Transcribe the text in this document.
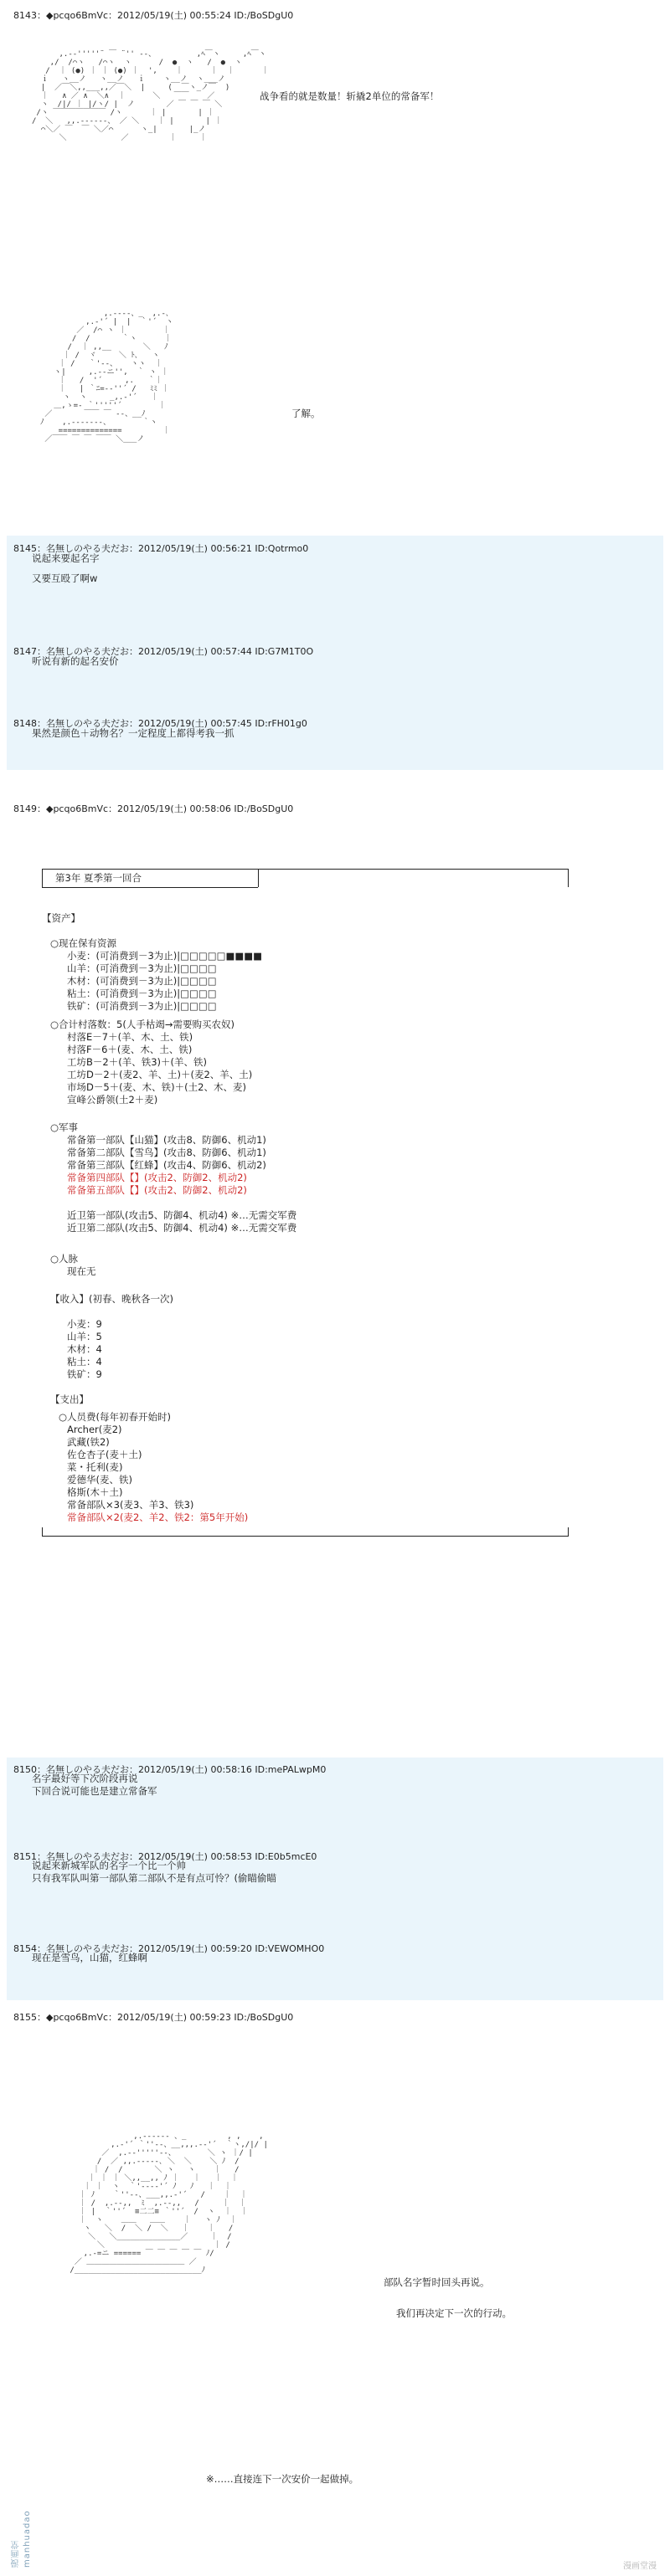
8143：◆pcqo6BmVc：2012/05/19(土) 00:55:24 ID:/BoSDgU0
,.-‐'''''¨ ￣ ¨'' ‐-、         ,ﾍ￣ヽ     ,ﾍ￣ヽ
,/  /⌒ヽ   /⌒ヽ  ヽ      /  ●  ヽ   /  ●  ヽ
/  ｜ (●) ｜ ｜ (●) ｜  ',    ｜      ｜  ｜      ｜
ｉ   ヽ__ノ   ヽ__ノ   ｉ    ヽ__ノ  ヽ___ノ
|  ／￣＼,,___,,／￣＼  |     (  ￣ヽ_ノ￣  )
｜   ∧ ／ ∧  ＼∧  ｜      ＼   ￣￣    ／
ヽ  /|/ ｜ |/ヽ/ |  ノ       ／ ￣ ￣ ￣ ＼
/ヽ ￣￣￣￣￣￣￣ /ヽ      ｜ |       | ｜
/  ＼   ,,.--‐‐--、 ／ ＼    ｜ |       | ｜
⌒＼／ ￣  ￣ ＼／⌒      ヽ_|       |_ノ
＼            ／         ｜     ｜
战争看的就是数量！斩撬2单位的常备军！
,.-‐‐-、_  ,.-､
,.-'´ |  |  ｀'´  ヽ
／  /⌒ ヽ ｜        ｜
/  /       ｀ヽ      ｜
/  ｜ ,,__       ＼   ﾉ
｜ /  ヾ     ＼ ﾄ､   ヽ
｜ /   ｀'‐-、   ヽヽ  ｜
ヽ|     ,.-‐ニ'',  ｀ ヽ ｜
｜   /  '´     ,.   ｀｜
｜   | ｀ﾆ=-‐''´ /   ﾐﾐ ｜
ヽ  ヽ     _,.-'´   ｜
＿,ゝ=- ｀'''''´        ｜
／       ￣￣ ￣ ‐-、__ﾉ
ﾉ    ,.-‐‐‐‐‐-、       ｀ヽ
==============         ｜
／￣￣ ￣ ￣ ￣￣ ＼___ノ
了解。
8145：名無しのやる夫だお：2012/05/19(土) 00:56:21 ID:Qotrmo0
说起来要起名字
又要互殴了啊w
8147：名無しのやる夫だお：2012/05/19(土) 00:57:44 ID:G7M1T0O
听说有新的起名安价
8148：名無しのやる夫だお：2012/05/19(土) 00:57:45 ID:rFH01g0
果然是颜色＋动物名？一定程度上都得考我一抓
8149：◆pcqo6BmVc：2012/05/19(土) 00:58:06 ID:/BoSDgU0
第3年 夏季第一回合
【资产】
○现在保有资源
小麦：(可消费到－3为止)|□□□□□■■■■
山羊：(可消费到－3为止)|□□□□
木材：(可消费到－3为止)|□□□□
粘土：(可消费到－3为止)|□□□□
铁矿：(可消费到－3为止)|□□□□
○合计村落数：5(人手枯竭→需要购买农奴)
村落E－7＋(羊、木、土、铁)
村落F－6＋(麦、木、土、铁)
工坊B－2＋(羊、铁3)＋(羊、铁)
工坊D－2＋(麦2、羊、土)＋(麦2、羊、土)
市场D－5＋(麦、木、铁)＋(土2、木、麦)
宣峰公爵领(土2＋麦)
○军事
常备第一部队【山猫】(攻击8、防御6、机动1)
常备第二部队【雪鸟】(攻击8、防御6、机动1)
常备第三部队【红蜂】(攻击4、防御6、机动2)
常备第四部队【】(攻击2、防御2、机动2)
常备第五部队【】(攻击2、防御2、机动2)
近卫第一部队(攻击5、防御4、机动4) ※…无需交军费
近卫第二部队(攻击5、防御4、机动4) ※…无需交军费
○人脉
现在无
【收入】(初春、晚秋各一次)
小麦：9
山羊：5
木材：4
粘土：4
铁矿：9
【支出】
○人员费(每年初春开始时)
Archer(麦2)
武藏(铁2)
佐仓杏子(麦＋土)
菜・托利(麦)
爱德华(麦、铁)
格斯(木＋土)
常备部队×3(麦3、羊3、铁3)
常备部队×2(麦2、羊2、铁2：第5年开始)
8150：名無しのやる夫だお：2012/05/19(土) 00:58:16 ID:mePALwpM0
名字最好等下次阶段再说
下回合说可能也是建立常备军
8151：名無しのやる夫だお：2012/05/19(土) 00:58:53 ID:E0b5mcE0
说起来新城军队的名字一个比一个帅
只有我军队叫第一部队第二部队不是有点可怜？(偷瞄偷瞄
8154：名無しのやる夫だお：2012/05/19(土) 00:59:20 ID:VEWOMHO0
现在是雪鸟，山猫，红蜂啊
8155：◆pcqo6BmVc：2012/05/19(土) 00:59:23 ID:/BoSDgU0
,.-‐‐‐‐- 、_         , ,    ,
,.-'´ ｀''‐-、__,,,.-‐'´  ｀ヽ,/|/ |
／  ,.-‐'''''‐-、       ＼ ヽ ｜/ |
/  ／ ,,.-‐‐‐-､ ＼  ＼    ＼ ﾉ  /
｜ /  /       ＼ ヽ   ヽ    ｜   /
｜ ｜ ｜ ＼,,__,, ﾉ ｜   ｜   ｜  ｜
｜ ｜  ヽ  ｀'‐--‐'´ ﾉ   ﾉ   ｜  ｜
｜ ﾉ    ｀''‐-、___,,.-'´   /    ｜  ｜
｜ /  ,.--,,  ﾐ  ,.--,,   /     ｜  ｜
｜ |  ｀''´  ≡二二≡ ｀''´  /  ヽ  ｜  ｜
｜  ヽ    ＿＿   ＿＿    ｜   ヽ ﾉ  ｜
ヽ   ＼  /  ＼ /  ＼   ｜    ｜   /
＼   ＼______________／     ｜  /
＼                        ｜ /
,.-=ニ ====== ￣ ￣ ￣ ￣ ￣ ﾉ/
／ ＿＿＿＿＿＿＿＿＿＿＿＿＿ ／
/____________________________ﾉ
部队名字暂时回头再说。
我们再决定下一次的行动。
※……直接连下一次安价一起做掉。
漫画堂 manhuadao	漫画堂漫
